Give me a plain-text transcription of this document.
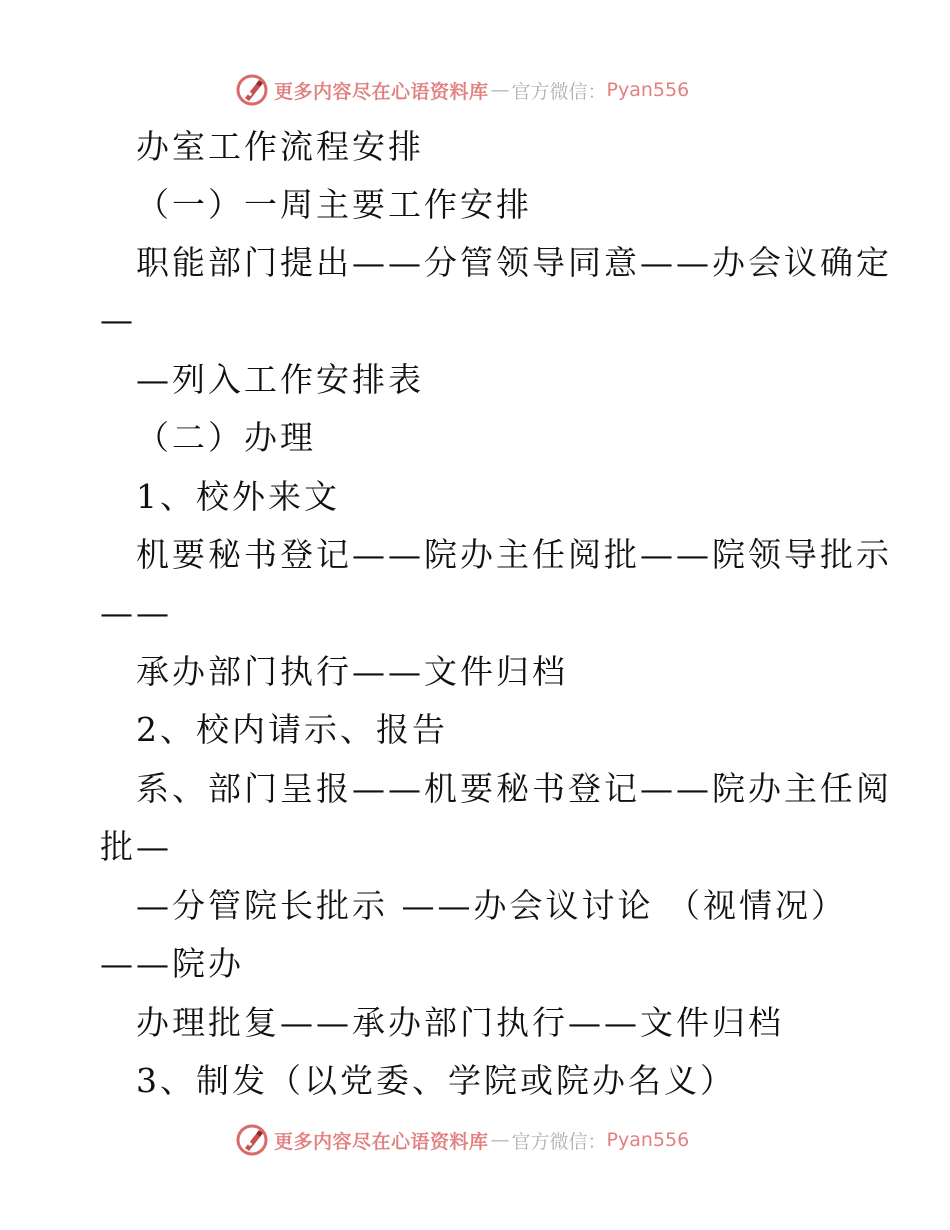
更多内容尽在心语资料库 — 官方微信： Pyan556
办室工作流程安排
（一）一周主要工作安排
职能部门提出——分管领导同意——办会议确定
—
—列入工作安排表
（二）办理
1、校外来文
机要秘书登记——院办主任阅批——院领导批示
——
承办部门执行——文件归档
2、校内请示、报告
系、部门呈报——机要秘书登记——院办主任阅
批—
—分管院长批示 ——办会议讨论 （视情况）
——院办
办理批复——承办部门执行——文件归档
3、制发（以党委、学院或院办名义）
更多内容尽在心语资料库 — 官方微信： Pyan556
